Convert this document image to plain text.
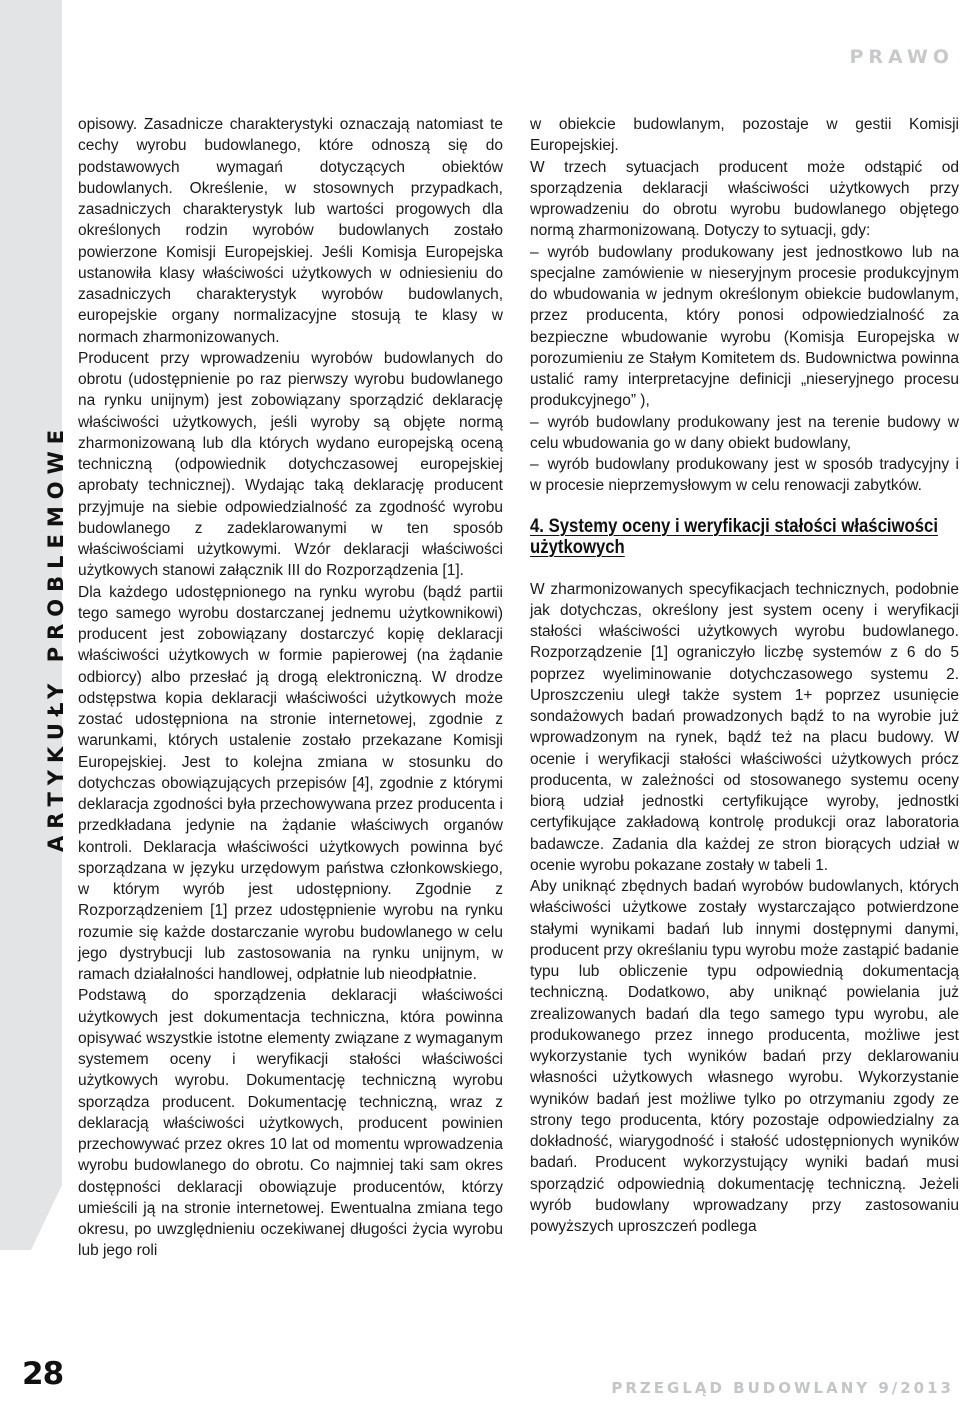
ARTYKUŁY PROBLEMOWE
28
PRAWO

opisowy. Zasadnicze charakterystyki oznaczają natomiast te cechy wyrobu budowlanego, które odnoszą się do podstawowych wymagań dotyczących obiektów budowlanych. Określenie, w stosownych przypadkach, zasadniczych charakterystyk lub wartości progowych dla określonych rodzin wyrobów budowlanych zostało powierzone Komisji Europejskiej. Jeśli Komisja Europejska ustanowiła klasy właściwości użytkowych w odniesieniu do zasadniczych charakterystyk wyrobów budowlanych, europejskie organy normalizacyjne stosują te klasy w normach zharmonizowanych.

Producent przy wprowadzeniu wyrobów budowlanych do obrotu (udostępnienie po raz pierwszy wyrobu budowlanego na rynku unijnym) jest zobowiązany sporządzić deklarację właściwości użytkowych, jeśli wyroby są objęte normą zharmonizowaną lub dla których wydano europejską oceną techniczną (odpowiednik dotychczasowej europejskiej aprobaty technicznej). Wydając taką deklarację producent przyjmuje na siebie odpowiedzialność za zgodność wyrobu budowlanego z zadeklarowanymi w ten sposób właściwościami użytkowymi. Wzór deklaracji właściwości użytkowych stanowi załącznik III do Rozporządzenia [1].

Dla każdego udostępnionego na rynku wyrobu (bądź partii tego samego wyrobu dostarczanej jednemu użytkownikowi) producent jest zobowiązany dostarczyć kopię deklaracji właściwości użytkowych w formie papierowej (na żądanie odbiorcy) albo przesłać ją drogą elektroniczną. W drodze odstępstwa kopia deklaracji właściwości użytkowych może zostać udostępniona na stronie internetowej, zgodnie z warunkami, których ustalenie zostało przekazane Komisji Europejskiej. Jest to kolejna zmiana w stosunku do dotychczas obowiązujących przepisów [4], zgodnie z którymi deklaracja zgodności była przechowywana przez producenta i przedkładana jedynie na żądanie właściwych organów kontroli. Deklaracja właściwości użytkowych powinna być sporządzana w języku urzędowym państwa członkowskiego, w którym wyrób jest udostępniony. Zgodnie z Rozporządzeniem [1] przez udostępnienie wyrobu na rynku rozumie się każde dostarczanie wyrobu budowlanego w celu jego dystrybucji lub zastosowania na rynku unijnym, w ramach działalności handlowej, odpłatnie lub nieodpłatnie.

Podstawą do sporządzenia deklaracji właściwości użytkowych jest dokumentacja techniczna, która powinna opisywać wszystkie istotne elementy związane z wymaganym systemem oceny i weryfikacji stałości właściwości użytkowych wyrobu. Dokumentację techniczną wyrobu sporządza producent. Dokumentację techniczną, wraz z deklaracją właściwości użytkowych, producent powinien przechowywać przez okres 10 lat od momentu wprowadzenia wyrobu budowlanego do obrotu. Co najmniej taki sam okres dostępności deklaracji obowiązuje producentów, którzy umieścili ją na stronie internetowej. Ewentualna zmiana tego okresu, po uwzględnieniu oczekiwanej długości życia wyrobu lub jego roli

w obiekcie budowlanym, pozostaje w gestii Komisji Europejskiej.

W trzech sytuacjach producent może odstąpić od sporządzenia deklaracji właściwości użytkowych przy wprowadzeniu do obrotu wyrobu budowlanego objętego normą zharmonizowaną. Dotyczy to sytuacji, gdy:

– wyrób budowlany produkowany jest jednostkowo lub na specjalne zamówienie w nieseryjnym procesie produkcyjnym do wbudowania w jednym określonym obiekcie budowlanym, przez producenta, który ponosi odpowiedzialność za bezpieczne wbudowanie wyrobu (Komisja Europejska w porozumieniu ze Stałym Komitetem ds. Budownictwa powinna ustalić ramy interpretacyjne definicji „nieseryjnego procesu produkcyjnego” ),
– wyrób budowlany produkowany jest na terenie budowy w celu wbudowania go w dany obiekt budowlany,
– wyrób budowlany produkowany jest w sposób tradycyjny i w procesie nieprzemysłowym w celu renowacji zabytków.
4. Systemy oceny i weryfikacji stałości właściwości użytkowych

W zharmonizowanych specyfikacjach technicznych, podobnie jak dotychczas, określony jest system oceny i weryfikacji stałości właściwości użytkowych wyrobu budowlanego. Rozporządzenie [1] ograniczyło liczbę systemów z 6 do 5 poprzez wyeliminowanie dotychczasowego systemu 2. Uproszczeniu uległ także system 1+ poprzez usunięcie sondażowych badań prowadzonych bądź to na wyrobie już wprowadzonym na rynek, bądź też na placu budowy. W ocenie i weryfikacji stałości właściwości użytkowych prócz producenta, w zależności od stosowanego systemu oceny biorą udział jednostki certyfikujące wyroby, jednostki certyfikujące zakładową kontrolę produkcji oraz laboratoria badawcze. Zadania dla każdej ze stron biorących udział w ocenie wyrobu pokazane zostały w tabeli 1.

Aby uniknąć zbędnych badań wyrobów budowlanych, których właściwości użytkowe zostały wystarczająco potwierdzone stałymi wynikami badań lub innymi dostępnymi danymi, producent przy określaniu typu wyrobu może zastąpić badanie typu lub obliczenie typu odpowiednią dokumentacją techniczną. Dodatkowo, aby uniknąć powielania już zrealizowanych badań dla tego samego typu wyrobu, ale produkowanego przez innego producenta, możliwe jest wykorzystanie tych wyników badań przy deklarowaniu własności użytkowych własnego wyrobu. Wykorzystanie wyników badań jest możliwe tylko po otrzymaniu zgody ze strony tego producenta, który pozostaje odpowiedzialny za dokładność, wiarygodność i stałość udostępnionych wyników badań. Producent wykorzystujący wyniki badań musi sporządzić odpowiednią dokumentację techniczną. Jeżeli wyrób budowlany wprowadzany przy zastosowaniu powyższych uproszczeń podlega

PRZEGLĄD BUDOWLANY 9/2013
